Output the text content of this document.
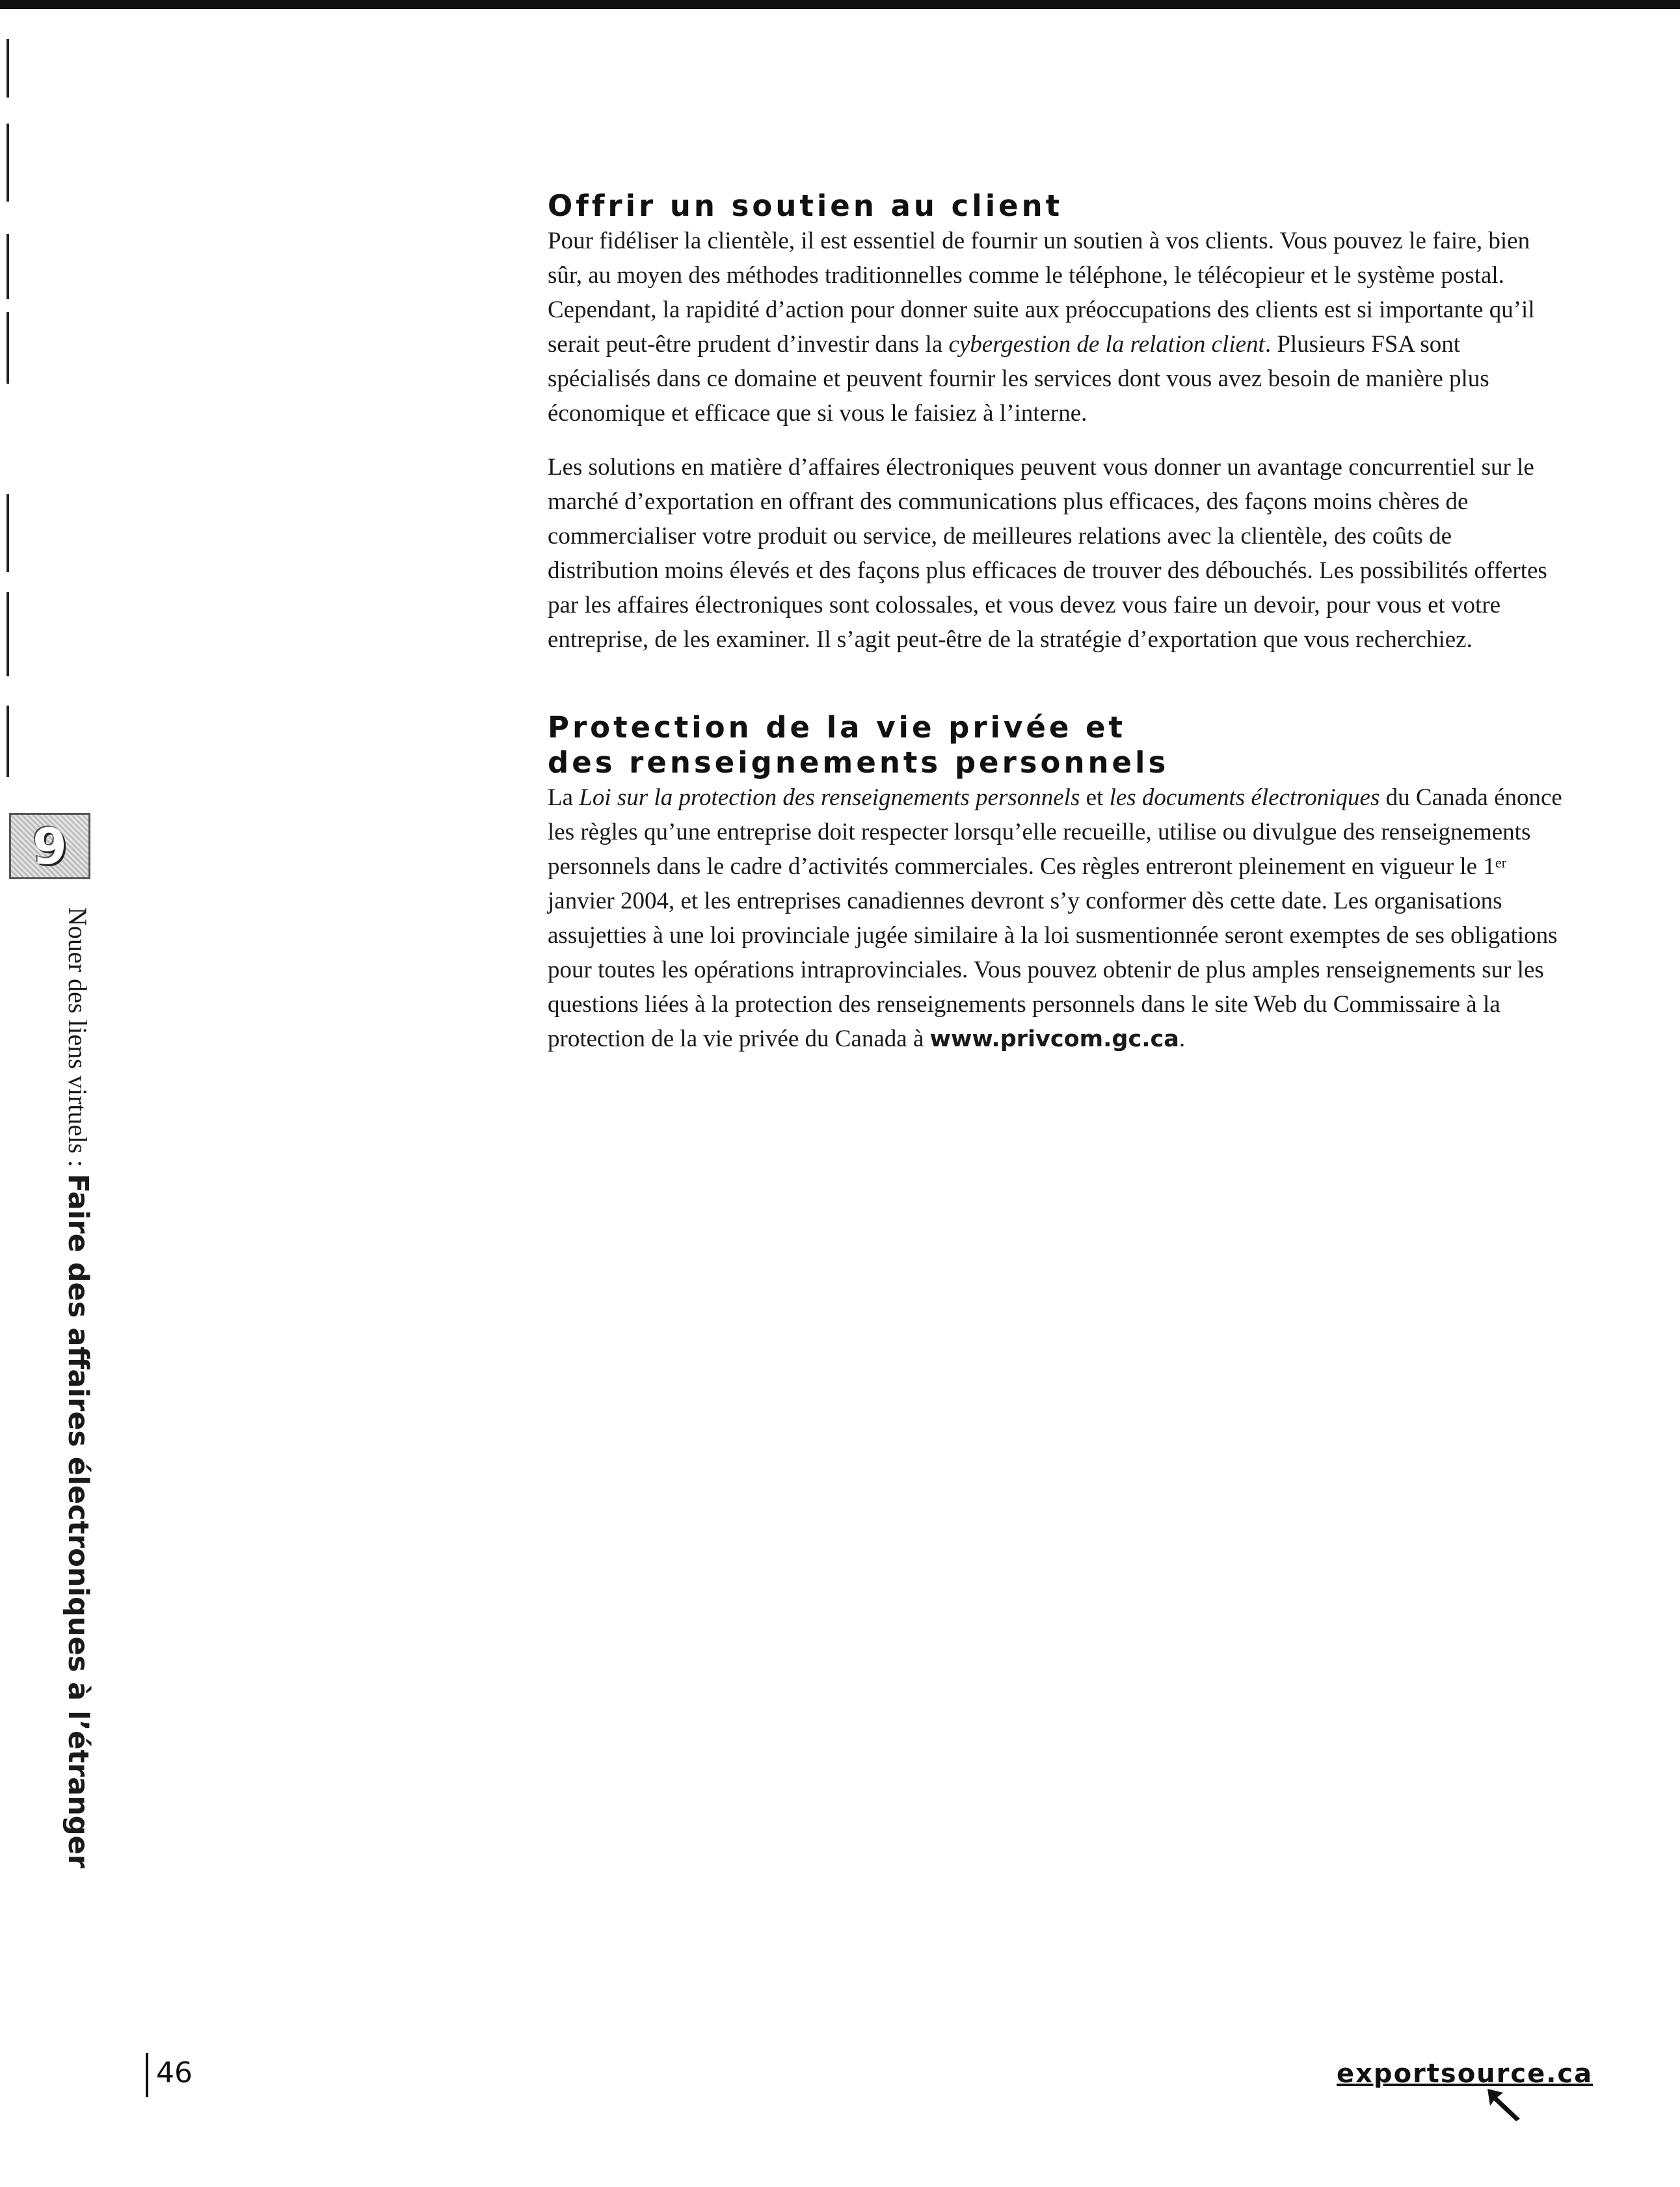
9
Nouer des liens virtuels : Faire des affaires électroniques à l’étranger
Offrir un soutien au client

Pour fidéliser la clientèle, il est essentiel de fournir un soutien à vos clients. Vous pouvez le faire, bien sûr, au moyen des méthodes traditionnelles comme le téléphone, le télécopieur et le système postal. Cependant, la rapidité d’action pour donner suite aux préoccupations des clients est si importante qu’il serait peut-être prudent d’investir dans la cybergestion de la relation client. Plusieurs FSA sont spécialisés dans ce domaine et peuvent fournir les services dont vous avez besoin de manière plus économique et efficace que si vous le faisiez à l’interne.

Les solutions en matière d’affaires électroniques peuvent vous donner un avantage concurrentiel sur le marché d’exportation en offrant des communications plus efficaces, des façons moins chères de commercialiser votre produit ou service, de meilleures relations avec la clientèle, des coûts de distribution moins élevés et des façons plus efficaces de trouver des débouchés. Les possibilités offertes par les affaires électroniques sont colossales, et vous devez vous faire un devoir, pour vous et votre entreprise, de les examiner. Il s’agit peut-être de la stratégie d’exportation que vous recherchiez.

Protection de la vie privée et
des renseignements personnels

La Loi sur la protection des renseignements personnels et les documents électroniques du Canada énonce les règles qu’une entreprise doit respecter lorsqu’elle recueille, utilise ou divulgue des renseignements personnels dans le cadre d’activités commerciales. Ces règles entreront pleinement en vigueur le 1er janvier 2004, et les entreprises canadiennes devront s’y conformer dès cette date. Les organisations assujetties à une loi provinciale jugée similaire à la loi susmentionnée seront exemptes de ses obligations pour toutes les opérations intraprovinciales. Vous pouvez obtenir de plus amples renseignements sur les questions liées à la protection des renseignements personnels dans le site Web du Commissaire à la protection de la vie privée du Canada à www.privcom.gc.ca.

46	exportsource.ca
